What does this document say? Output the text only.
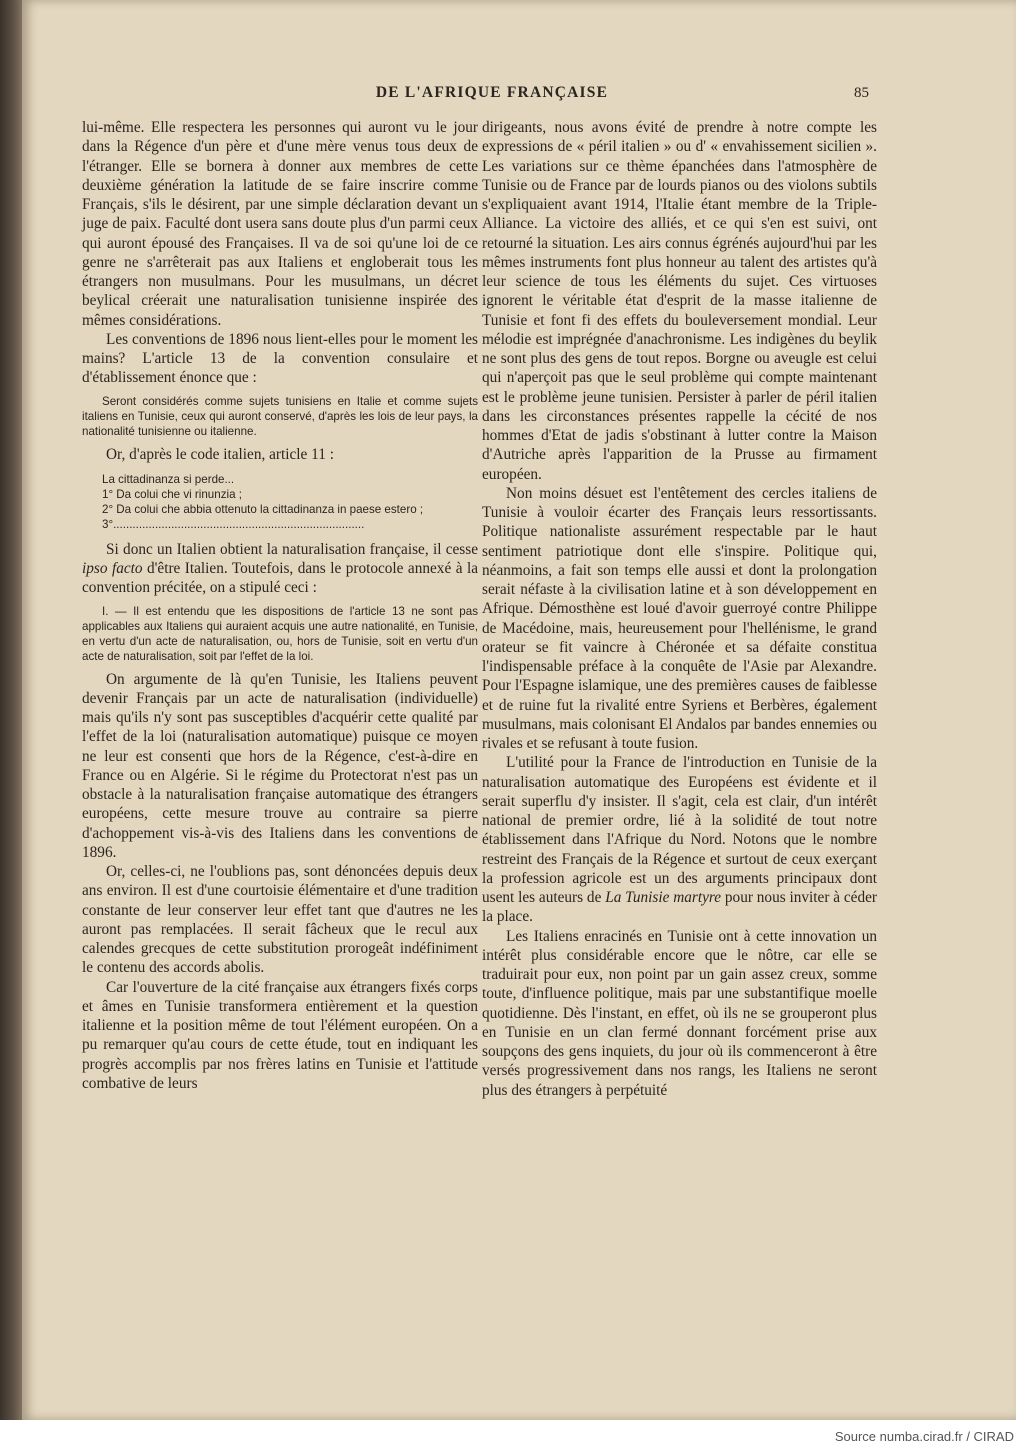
DE L'AFRIQUE FRANÇAISE	85

lui-même. Elle respectera les personnes qui auront vu le jour dans la Régence d'un père et d'une mère venus tous deux de l'étranger. Elle se bornera à donner aux membres de cette deuxième génération la latitude de se faire inscrire comme Français, s'ils le désirent, par une simple déclaration devant un juge de paix. Faculté dont usera sans doute plus d'un parmi ceux qui auront épousé des Françaises. Il va de soi qu'une loi de ce genre ne s'arrêterait pas aux Italiens et engloberait tous les étrangers non musulmans. Pour les musulmans, un décret beylical créerait une naturalisation tunisienne inspirée des mêmes considérations.

Les conventions de 1896 nous lient-elles pour le moment les mains? L'article 13 de la convention consulaire et d'établissement énonce que :

Seront considérés comme sujets tunisiens en Italie et comme sujets italiens en Tunisie, ceux qui auront conservé, d'après les lois de leur pays, la nationalité tunisienne ou italienne.

Or, d'après le code italien, article 11 :

La cittadinanza si perde...

1° Da colui che vi rinunzia ;

2° Da colui che abbia ottenuto la cittadinanza in paese estero ;

3°..............................................................................

Si donc un Italien obtient la naturalisation française, il cesse ipso facto d'être Italien. Toutefois, dans le protocole annexé à la convention précitée, on a stipulé ceci :

I. — Il est entendu que les dispositions de l'article 13 ne sont pas applicables aux Italiens qui auraient acquis une autre nationalité, en Tunisie, en vertu d'un acte de naturalisation, ou, hors de Tunisie, soit en vertu d'un acte de naturalisation, soit par l'effet de la loi.

On argumente de là qu'en Tunisie, les Italiens peuvent devenir Français par un acte de naturalisation (individuelle) mais qu'ils n'y sont pas susceptibles d'acquérir cette qualité par l'effet de la loi (naturalisation automatique) puisque ce moyen ne leur est consenti que hors de la Régence, c'est-à-dire en France ou en Algérie. Si le régime du Protectorat n'est pas un obstacle à la naturalisation française automatique des étrangers européens, cette mesure trouve au contraire sa pierre d'achoppement vis-à-vis des Italiens dans les conventions de 1896.

Or, celles-ci, ne l'oublions pas, sont dénoncées depuis deux ans environ. Il est d'une courtoisie élémentaire et d'une tradition constante de leur conserver leur effet tant que d'autres ne les auront pas remplacées. Il serait fâcheux que le recul aux calendes grecques de cette substitution prorogeât indéfiniment le contenu des accords abolis.

Car l'ouverture de la cité française aux étrangers fixés corps et âmes en Tunisie transformera entièrement et la question italienne et la position même de tout l'élément européen. On a pu remarquer qu'au cours de cette étude, tout en indiquant les progrès accomplis par nos frères latins en Tunisie et l'attitude combative de leurs

dirigeants, nous avons évité de prendre à notre compte les expressions de « péril italien » ou d' « envahissement sicilien ». Les variations sur ce thème épanchées dans l'atmosphère de Tunisie ou de France par de lourds pianos ou des violons subtils s'expliquaient avant 1914, l'Italie étant membre de la Triple-Alliance. La victoire des alliés, et ce qui s'en est suivi, ont retourné la situation. Les airs connus égrénés aujourd'hui par les mêmes instruments font plus honneur au talent des artistes qu'à leur science de tous les éléments du sujet. Ces virtuoses ignorent le véritable état d'esprit de la masse italienne de Tunisie et font fi des effets du bouleversement mondial. Leur mélodie est imprégnée d'anachronisme. Les indigènes du beylik ne sont plus des gens de tout repos. Borgne ou aveugle est celui qui n'aperçoit pas que le seul problème qui compte maintenant est le problème jeune tunisien. Persister à parler de péril italien dans les circonstances présentes rappelle la cécité de nos hommes d'Etat de jadis s'obstinant à lutter contre la Maison d'Autriche après l'apparition de la Prusse au firmament européen.

Non moins désuet est l'entêtement des cercles italiens de Tunisie à vouloir écarter des Français leurs ressortissants. Politique nationaliste assurément respectable par le haut sentiment patriotique dont elle s'inspire. Politique qui, néanmoins, a fait son temps elle aussi et dont la prolongation serait néfaste à la civilisation latine et à son développement en Afrique. Démosthène est loué d'avoir guerroyé contre Philippe de Macédoine, mais, heureusement pour l'hellénisme, le grand orateur se fit vaincre à Chéronée et sa défaite constitua l'indispensable préface à la conquête de l'Asie par Alexandre. Pour l'Espagne islamique, une des premières causes de faiblesse et de ruine fut la rivalité entre Syriens et Berbères, également musulmans, mais colonisant El Andalos par bandes ennemies ou rivales et se refusant à toute fusion.

L'utilité pour la France de l'introduction en Tunisie de la naturalisation automatique des Européens est évidente et il serait superflu d'y insister. Il s'agit, cela est clair, d'un intérêt national de premier ordre, lié à la solidité de tout notre établissement dans l'Afrique du Nord. Notons que le nombre restreint des Français de la Régence et surtout de ceux exerçant la profession agricole est un des arguments principaux dont usent les auteurs de La Tunisie martyre pour nous inviter à céder la place.

Les Italiens enracinés en Tunisie ont à cette innovation un intérêt plus considérable encore que le nôtre, car elle se traduirait pour eux, non point par un gain assez creux, somme toute, d'influence politique, mais par une substantifique moelle quotidienne. Dès l'instant, en effet, où ils ne se grouperont plus en Tunisie en un clan fermé donnant forcément prise aux soupçons des gens inquiets, du jour où ils commenceront à être versés progressivement dans nos rangs, les Italiens ne seront plus des étrangers à perpétuité

Source numba.cirad.fr / CIRAD
